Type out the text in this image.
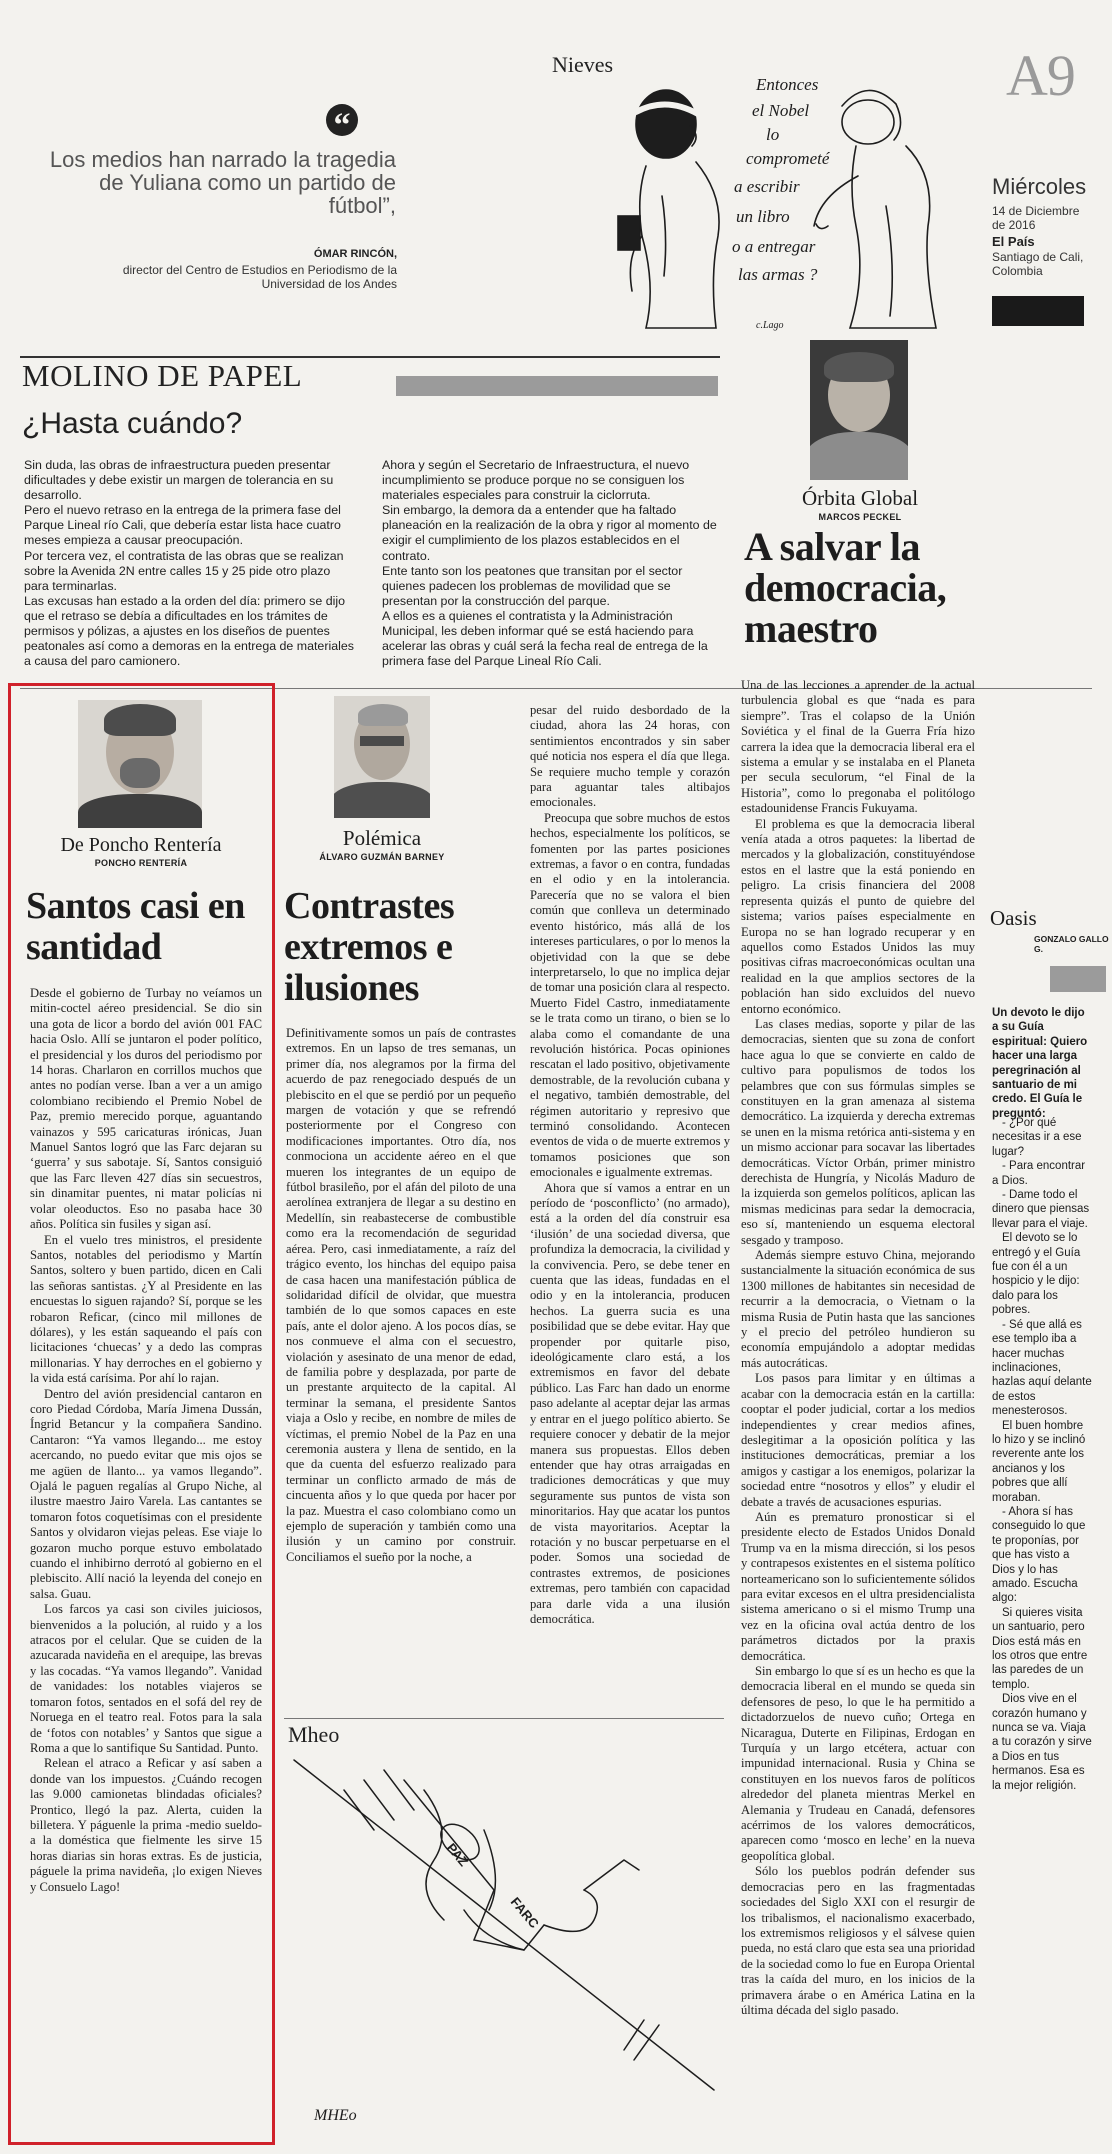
“
Los medios han narrado la tragedia de Yuliana como un partido de fútbol”,
ÓMAR RINCÓN,
director del Centro de Estudios en Periodismo de la Universidad de los Andes
Nieves
Entonces
el Nobel
lo
comprometé
a escribir
un libro
o a entregar
las armas ?
c.Lago
A9
Miércoles
14 de Diciembre de 2016
El País
Santiago de Cali, Colombia
MOLINO DE PAPEL
¿Hasta cuándo?
Sin duda, las obras de infraestructura pueden presentar dificultades y debe existir un margen de tolerancia en su desarrollo.
Pero el nuevo retraso en la entrega de la primera fase del Parque Lineal río Cali, que debería estar lista hace cuatro meses empieza a causar preocupación.
Por tercera vez, el contratista de las obras que se realizan sobre la Avenida 2N entre calles 15 y 25 pide otro plazo para terminarlas.
Las excusas han estado a la orden del día: primero se dijo que el retraso se debía a dificultades en los trámites de permisos y pólizas, a ajustes en los diseños de puentes peatonales así como a demoras en la entrega de materiales a causa del paro camionero.
Ahora y según el Secretario de Infraestructura, el nuevo incumplimiento se produce porque no se consiguen los materiales especiales para construir la ciclorruta.
Sin embargo, la demora da a entender que ha faltado planeación en la realización de la obra y rigor al momento de exigir el cumplimiento de los plazos establecidos en el contrato.
Ente tanto son los peatones que transitan por el sector quienes padecen los problemas de movilidad que se presentan por la construcción del parque.
A ellos es a quienes el contratista y la Administración Municipal, les deben informar qué se está haciendo para acelerar las obras y cuál será la fecha real de entrega de la primera fase del Parque Lineal Río Cali.
Órbita Global
MARCOS PECKEL
A salvar la democracia, maestro

Una de las lecciones a aprender de la actual turbulencia global es que “nada es para siempre”. Tras el colapso de la Unión Soviética y el final de la Guerra Fría hizo carrera la idea que la democracia liberal era el sistema a emular y se instalaba en el Planeta per secula seculorum, “el Final de la Historia”, como lo pregonaba el politólogo estadounidense Francis Fukuyama.

El problema es que la democracia liberal venía atada a otros paquetes: la libertad de mercados y la globalización, constituyéndose estos en el lastre que la está poniendo en peligro. La crisis financiera del 2008 representa quizás el punto de quiebre del sistema; varios países especialmente en Europa no se han logrado recuperar y en aquellos como Estados Unidos las muy positivas cifras macroeconómicas ocultan una realidad en la que amplios sectores de la población han sido excluidos del nuevo entorno económico.

Las clases medias, soporte y pilar de las democracias, sienten que su zona de confort hace agua lo que se convierte en caldo de cultivo para populismos de todos los pelambres que con sus fórmulas simples se constituyen en la gran amenaza al sistema democrático. La izquierda y derecha extremas se unen en la misma retórica anti-sistema y en un mismo accionar para socavar las libertades democráticas. Víctor Orbán, primer ministro derechista de Hungría, y Nicolás Maduro de la izquierda son gemelos políticos, aplican las mismas medicinas para sedar la democracia, eso sí, manteniendo un esquema electoral sesgado y tramposo.

Además siempre estuvo China, mejorando sustancialmente la situación económica de sus 1300 millones de habitantes sin necesidad de recurrir a la democracia, o Vietnam o la misma Rusia de Putin hasta que las sanciones y el precio del petróleo hundieron su economía empujándolo a adoptar medidas más autocráticas.

Los pasos para limitar y en últimas a acabar con la democracia están en la cartilla: cooptar el poder judicial, cortar a los medios independientes y crear medios afines, deslegitimar a la oposición política y las instituciones democráticas, premiar a los amigos y castigar a los enemigos, polarizar la sociedad entre “nosotros y ellos” y eludir el debate a través de acusaciones espurias.

Aún es prematuro pronosticar si el presidente electo de Estados Unidos Donald Trump va en la misma dirección, si los pesos y contrapesos existentes en el sistema político norteamericano son lo suficientemente sólidos para evitar excesos en el ultra presidencialista sistema americano o si el mismo Trump una vez en la oficina oval actúa dentro de los parámetros dictados por la praxis democrática.

Sin embargo lo que sí es un hecho es que la democracia liberal en el mundo se queda sin defensores de peso, lo que le ha permitido a dictadorzuelos de nuevo cuño; Ortega en Nicaragua, Duterte en Filipinas, Erdogan en Turquía y un largo etcétera, actuar con impunidad internacional. Rusia y China se constituyen en los nuevos faros de políticos alrededor del planeta mientras Merkel en Alemania y Trudeau en Canadá, defensores acérrimos de los valores democráticos, aparecen como ‘mosco en leche’ en la nueva geopolítica global.

Sólo los pueblos podrán defender sus democracias pero en las fragmentadas sociedades del Siglo XXI con el resurgir de los tribalismos, el nacionalismo exacerbado, los extremismos religiosos y el sálvese quien pueda, no está claro que esta sea una prioridad de la sociedad como lo fue en Europa Oriental tras la caída del muro, en los inicios de la primavera árabe o en América Latina en la última década del siglo pasado.

De Poncho Rentería
PONCHO RENTERÍA
Santos casi en santidad

Desde el gobierno de Turbay no veíamos un mitin-coctel aéreo presidencial. Se dio sin una gota de licor a bordo del avión 001 FAC hacia Oslo. Allí se juntaron el poder político, el presidencial y los duros del periodismo por 14 horas. Charlaron en corrillos muchos que antes no podían verse. Iban a ver a un amigo colombiano recibiendo el Premio Nobel de Paz, premio merecido porque, aguantando vainazos y 595 caricaturas irónicas, Juan Manuel Santos logró que las Farc dejaran su ‘guerra’ y sus sabotaje. Sí, Santos consiguió que las Farc lleven 427 días sin secuestros, sin dinamitar puentes, ni matar policías ni volar oleoductos. Eso no pasaba hace 30 años. Política sin fusiles y sigan así.

En el vuelo tres ministros, el presidente Santos, notables del periodismo y Martín Santos, soltero y buen partido, dicen en Cali las señoras santistas. ¿Y al Presidente en las encuestas lo siguen rajando? Sí, porque se les robaron Reficar, (cinco mil millones de dólares), y les están saqueando el país con licitaciones ‘chuecas’ y a dedo las compras millonarias. Y hay derroches en el gobierno y la vida está carísima. Por ahí lo rajan.

Dentro del avión presidencial cantaron en coro Piedad Córdoba, María Jimena Dussán, Íngrid Betancur y la compañera Sandino. Cantaron: “Ya vamos llegando... me estoy acercando, no puedo evitar que mis ojos se me agüen de llanto... ya vamos llegando”. Ojalá le paguen regalías al Grupo Niche, al ilustre maestro Jairo Varela. Las cantantes se tomaron fotos coquetísimas con el presidente Santos y olvidaron viejas peleas. Ese viaje lo gozaron mucho porque estuvo embolatado cuando el inhibirno derrotó al gobierno en el plebiscito. Allí nació la leyenda del conejo en salsa. Guau.

Los farcos ya casi son civiles juiciosos, bienvenidos a la polución, al ruido y a los atracos por el celular. Que se cuiden de la azucarada navideña en el arequipe, las brevas y las cocadas. “Ya vamos llegando”. Vanidad de vanidades: los notables viajeros se tomaron fotos, sentados en el sofá del rey de Noruega en el teatro real. Fotos para la sala de ‘fotos con notables’ y Santos que sigue a Roma a que lo santifique Su Santidad. Punto.

Relean el atraco a Reficar y así saben a donde van los impuestos. ¿Cuándo recogen las 9.000 camionetas blindadas oficiales? Prontico, llegó la paz. Alerta, cuiden la billetera. Y páguenle la prima -medio sueldo- a la doméstica que fielmente les sirve 15 horas diarias sin horas extras. Es de justicia, páguele la prima navideña, ¡lo exigen Nieves y Consuelo Lago!

Polémica
ÁLVARO GUZMÁN BARNEY
Contrastes extremos e ilusiones

Definitivamente somos un país de contrastes extremos. En un lapso de tres semanas, un primer día, nos alegramos por la firma del acuerdo de paz renegociado después de un plebiscito en el que se perdió por un pequeño margen de votación y que se refrendó posteriormente por el Congreso con modificaciones importantes. Otro día, nos conmociona un accidente aéreo en el que mueren los integrantes de un equipo de fútbol brasileño, por el afán del piloto de una aerolínea extranjera de llegar a su destino en Medellín, sin reabastecerse de combustible como era la recomendación de seguridad aérea. Pero, casi inmediatamente, a raíz del trágico evento, los hinchas del equipo paisa de casa hacen una manifestación pública de solidaridad difícil de olvidar, que muestra también de lo que somos capaces en este país, ante el dolor ajeno. A los pocos días, se nos conmueve el alma con el secuestro, violación y asesinato de una menor de edad, de familia pobre y desplazada, por parte de un prestante arquitecto de la capital. Al terminar la semana, el presidente Santos viaja a Oslo y recibe, en nombre de miles de víctimas, el premio Nobel de la Paz en una ceremonia austera y llena de sentido, en la que da cuenta del esfuerzo realizado para terminar un conflicto armado de más de cincuenta años y lo que queda por hacer por la paz. Muestra el caso colombiano como un ejemplo de superación y también como una ilusión y un camino por construir. Conciliamos el sueño por la noche, a

pesar del ruido desbordado de la ciudad, ahora las 24 horas, con sentimientos encontrados y sin saber qué noticia nos espera el día que llega. Se requiere mucho temple y corazón para aguantar tales altibajos emocionales.

Preocupa que sobre muchos de estos hechos, especialmente los políticos, se fomenten por las partes posiciones extremas, a favor o en contra, fundadas en el odio y en la intolerancia. Parecería que no se valora el bien común que conlleva un determinado evento histórico, más allá de los intereses particulares, o por lo menos la objetividad con la que se debe interpretarselo, lo que no implica dejar de tomar una posición clara al respecto. Muerto Fidel Castro, inmediatamente se le trata como un tirano, o bien se lo alaba como el comandante de una revolución histórica. Pocas opiniones rescatan el lado positivo, objetivamente demostrable, de la revolución cubana y el negativo, también demostrable, del régimen autoritario y represivo que terminó consolidando. Acontecen eventos de vida o de muerte extremos y tomamos posiciones que son emocionales e igualmente extremas.

Ahora que sí vamos a entrar en un período de ‘posconflicto’ (no armado), está a la orden del día construir esa ‘ilusión’ de una sociedad diversa, que profundiza la democracia, la civilidad y la convivencia. Pero, se debe tener en cuenta que las ideas, fundadas en el odio y en la intolerancia, producen hechos. La guerra sucia es una posibilidad que se debe evitar. Hay que propender por quitarle piso, ideológicamente claro está, a los extremismos en favor del debate público. Las Farc han dado un enorme paso adelante al aceptar dejar las armas y entrar en el juego político abierto. Se requiere conocer y debatir de la mejor manera sus propuestas. Ellos deben entender que hay otras arraigadas en tradiciones democráticas y que muy seguramente sus puntos de vista son minoritarios. Hay que acatar los puntos de vista mayoritarios. Aceptar la rotación y no buscar perpetuarse en el poder. Somos una sociedad de contrastes extremos, de posiciones extremas, pero también con capacidad para darle vida a una ilusión democrática.

Mheo
PAZ
FARC
MHEo
Oasis
GONZALO GALLO G.
Un devoto le dijo a su Guía espiritual: Quiero hacer una larga peregrinación al santuario de mi credo. El Guía le preguntó:
- ¿Por qué necesitas ir a ese lugar?
- Para encontrar a Dios.
- Dame todo el dinero que piensas llevar para el viaje.
El devoto se lo entregó y el Guía fue con él a un hospicio y le dijo: dalo para los pobres.
- Sé que allá es ese templo iba a hacer muchas inclinaciones, hazlas aquí delante de estos menesterosos.
El buen hombre lo hizo y se inclinó reverente ante los ancianos y los pobres que allí moraban.
- Ahora sí has conseguido lo que te proponías, por que has visto a Dios y lo has amado. Escucha algo:
Si quieres visita un santuario, pero Dios está más en los otros que entre las paredes de un templo.
Dios vive en el corazón humano y nunca se va. Viaja a tu corazón y sirve a Dios en tus hermanos. Esa es la mejor religión.
